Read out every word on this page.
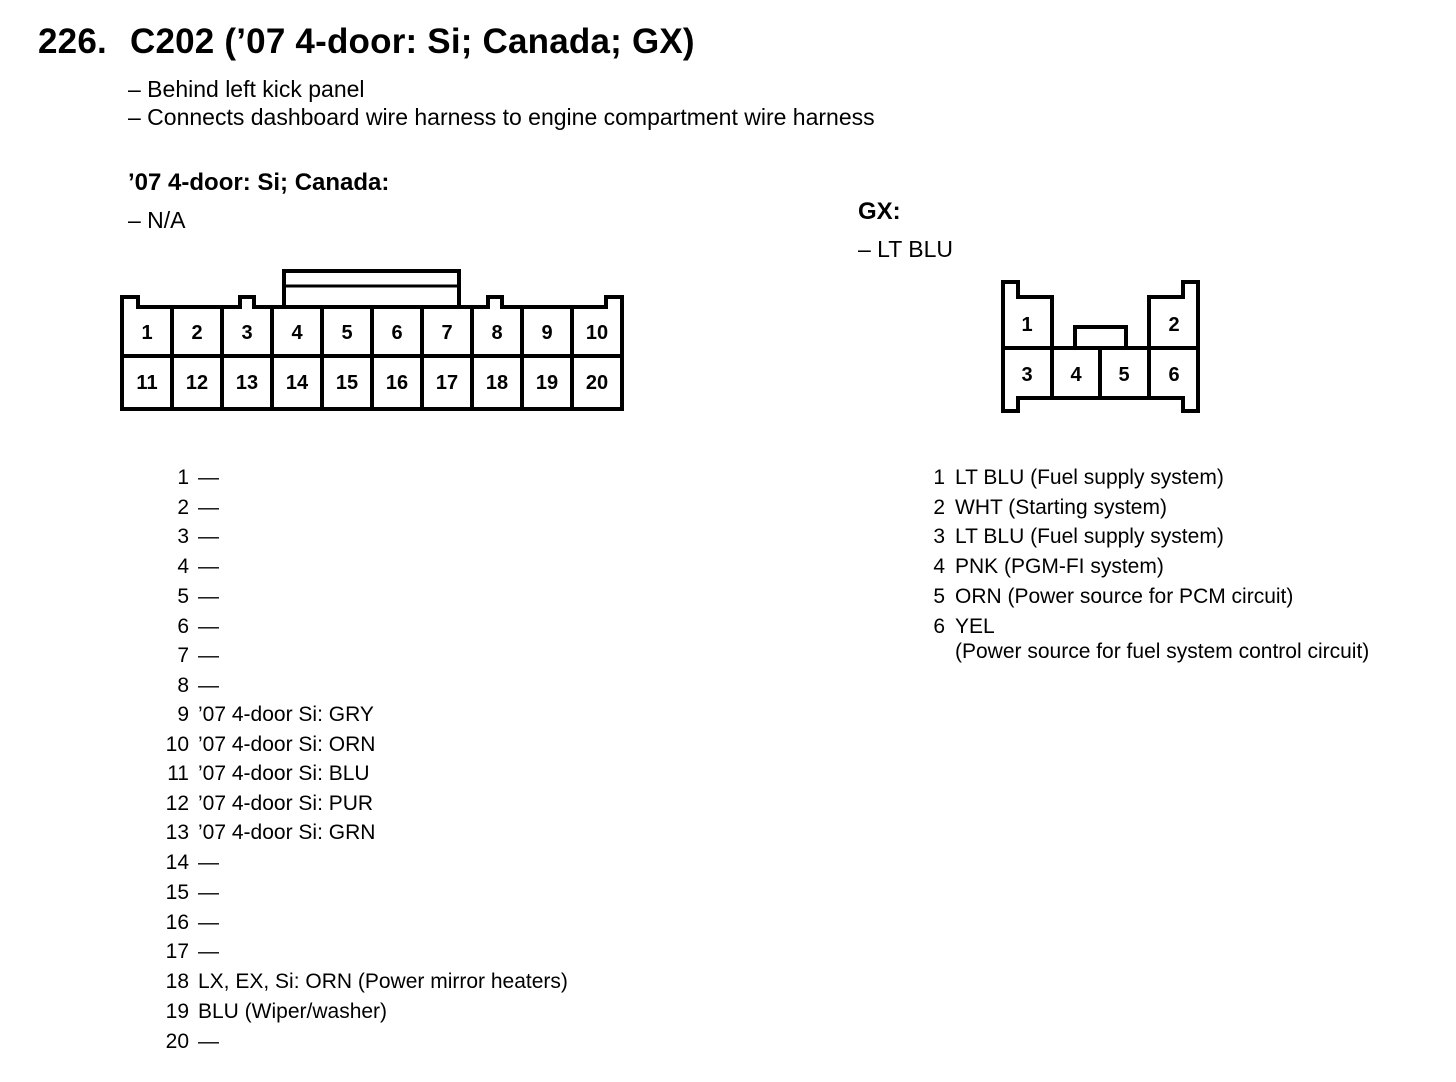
226. C202 (’07 4-door: Si; Canada; GX)
– Behind left kick panel
– Connects dashboard wire harness to engine compartment wire harness
’07 4-door: Si; Canada:
– N/A	GX:
– LT BLU
1 2 3 4 5 6 7 8 9 10
11 12 13 14 15 16 17 18 19 20
1	2
3 4 5 6
1 —
2 —
3 —
4 —
5 —
6 —
7 —
8 —
9 ’07 4-door Si: GRY
10 ’07 4-door Si: ORN
11 ’07 4-door Si: BLU
12 ’07 4-door Si: PUR
13 ’07 4-door Si: GRN
14 —
15 —
16 —
17 —
18 LX, EX, Si: ORN (Power mirror heaters)
19 BLU (Wiper/washer)
20 —
1 LT BLU (Fuel supply system)
2 WHT (Starting system)
3 LT BLU (Fuel supply system)
4 PNK (PGM-FI system)
5 ORN (Power source for PCM circuit)
6 YEL
(Power source for fuel system control circuit)
